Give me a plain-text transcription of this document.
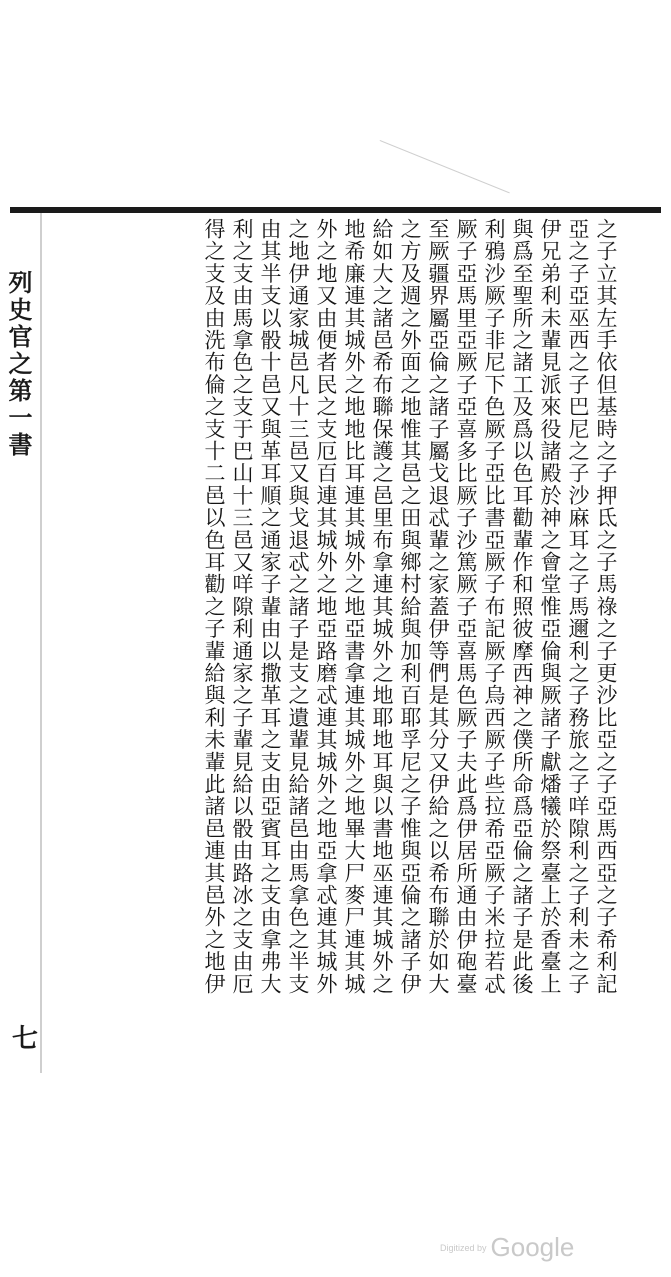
列史官之第一書
七
之子立其左手依但基時之子押氐之子馬祿之子更沙比亞之子亞馬西亞之子希利記
亞之子亞巫西之子巴尼之子沙麻耳之子馬邇利之子務旅之子咩隙利之子利未之子
伊兄弟利未輩見派來役諸殿於神之會堂惟亞倫與厥諸子獻燔犧於祭臺上於香臺上
與爲至聖所之諸工及爲以色耳勸輩作和照彼摩西神之僕所命爲亞倫之諸子是此後
利鴉沙厥子非尼下色厥子亞比書亞厥子布記厥子烏西厥子些拉希亞厥子米拉若忒
厥子亞馬里亞厥子亞喜多比厥子沙篤厥子亞喜馬色厥子夫此爲伊居所通由伊砲臺
至厥疆界屬亞倫之諸子屬戈退忒輩之家蓋伊等們是其分又伊給之以希布聯於如大
之方及週之外面之地惟其邑之田與鄉村給與加利百耶孚尼之子惟與亞倫之諸子伊
給如大之諸邑希布聯保護之邑里布拿連其城外之地耶地耳與以書地巫連其城外之
地希廉連其城外之地地比耳連其城外之地亞書拿連其城外之地畢大尸麥尸連其城
外之地又由便者民之支厄百連其城外之地亞路磨忒連其城外之地亞拿忒連其城外
之地伊通家城邑凡十三邑又與戈退忒之諸子是支之遺輩見給諸邑由馬拿色之半支
由其半支以骰十邑又與革耳順之通家子輩由以撒革耳之支由亞賓耳之支由拿弗大
利之支由馬拿色之支于巴山十三邑又咩隙利通家之子輩見給以骰由路冰之支由厄
得之支及由洗布倫之支十二邑以色耳勸之子輩給與利未輩此諸邑連其邑外之地伊
Digitized by Google
